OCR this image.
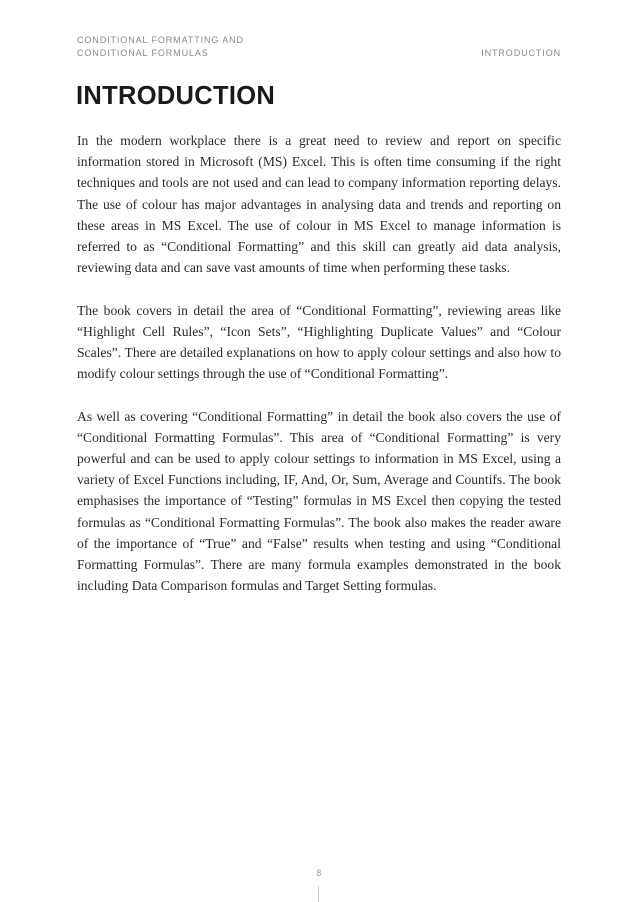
CONDITIONAL FORMATTING AND
CONDITIONAL FORMULAS	INTRODUCTION
INTRODUCTION

In the modern workplace there is a great need to review and report on specific information stored in Microsoft (MS) Excel. This is often time consuming if the right techniques and tools are not used and can lead to company information reporting delays. The use of colour has major advantages in analysing data and trends and reporting on these areas in MS Excel. The use of colour in MS Excel to manage information is referred to as “Conditional Formatting” and this skill can greatly aid data analysis, reviewing data and can save vast amounts of time when performing these tasks.

The book covers in detail the area of “Conditional Formatting”, reviewing areas like “Highlight Cell Rules”, “Icon Sets”, “Highlighting Duplicate Values” and “Colour Scales”. There are detailed explanations on how to apply colour settings and also how to modify colour settings through the use of “Conditional Formatting”.

As well as covering “Conditional Formatting” in detail the book also covers the use of “Conditional Formatting Formulas”. This area of “Conditional Formatting” is very powerful and can be used to apply colour settings to information in MS Excel, using a variety of Excel Functions including, IF, And, Or, Sum, Average and Countifs. The book emphasises the importance of “Testing” formulas in MS Excel then copying the tested formulas as “Conditional Formatting Formulas”. The book also makes the reader aware of the importance of “True” and “False” results when testing and using “Conditional Formatting Formulas”. There are many formula examples demonstrated in the book including Data Comparison formulas and Target Setting formulas.

8
